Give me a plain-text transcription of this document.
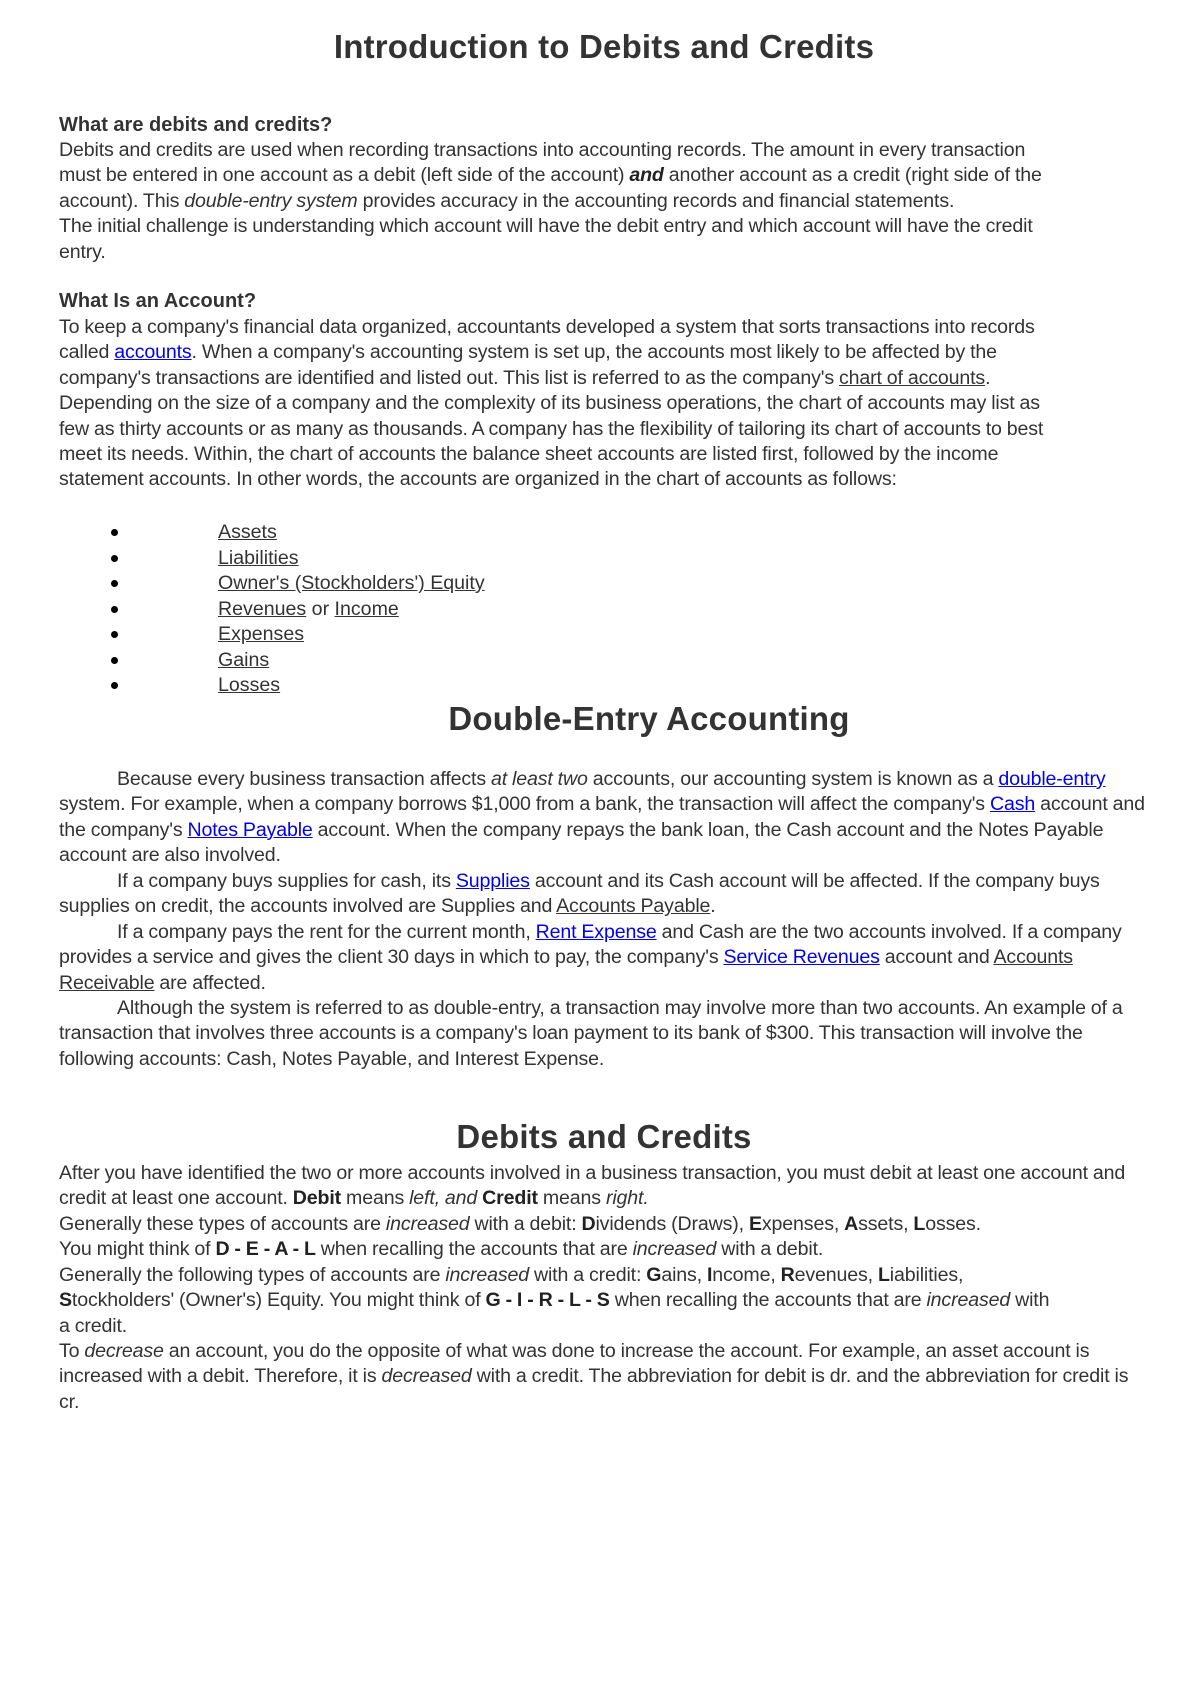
Introduction to Debits and Credits
What are debits and credits?
Debits and credits are used when recording transactions into accounting records. The amount in every transaction must be entered in one account as a debit (left side of the account) and another account as a credit (right side of the account). This double-entry system provides accuracy in the accounting records and financial statements.
The initial challenge is understanding which account will have the debit entry and which account will have the credit entry.
What Is an Account?
To keep a company's financial data organized, accountants developed a system that sorts transactions into records called accounts. When a company's accounting system is set up, the accounts most likely to be affected by the company's transactions are identified and listed out. This list is referred to as the company's chart of accounts. Depending on the size of a company and the complexity of its business operations, the chart of accounts may list as few as thirty accounts or as many as thousands. A company has the flexibility of tailoring its chart of accounts to best meet its needs. Within, the chart of accounts the balance sheet accounts are listed first, followed by the income statement accounts. In other words, the accounts are organized in the chart of accounts as follows:
Assets
Liabilities
Owner's (Stockholders') Equity
Revenues or Income
Expenses
Gains
Losses
Double-Entry Accounting
Because every business transaction affects at least two accounts, our accounting system is known as a double-entry system. For example, when a company borrows $1,000 from a bank, the transaction will affect the company's Cash account and the company's Notes Payable account. When the company repays the bank loan, the Cash account and the Notes Payable account are also involved.
If a company buys supplies for cash, its Supplies account and its Cash account will be affected. If the company buys supplies on credit, the accounts involved are Supplies and Accounts Payable.
If a company pays the rent for the current month, Rent Expense and Cash are the two accounts involved. If a company provides a service and gives the client 30 days in which to pay, the company's Service Revenues account and Accounts Receivable are affected.
Although the system is referred to as double-entry, a transaction may involve more than two accounts. An example of a transaction that involves three accounts is a company's loan payment to its bank of $300. This transaction will involve the following accounts: Cash, Notes Payable, and Interest Expense.
Debits and Credits
After you have identified the two or more accounts involved in a business transaction, you must debit at least one account and credit at least one account. Debit means left, and Credit means right.
Generally these types of accounts are increased with a debit: Dividends (Draws), Expenses, Assets, Losses.
You might think of D - E - A - L when recalling the accounts that are increased with a debit.
Generally the following types of accounts are increased with a credit: Gains, Income, Revenues, Liabilities, Stockholders' (Owner's) Equity. You might think of G - I - R - L - S when recalling the accounts that are increased with a credit.
To decrease an account, you do the opposite of what was done to increase the account. For example, an asset account is increased with a debit. Therefore, it is decreased with a credit. The abbreviation for debit is dr. and the abbreviation for credit is cr.
